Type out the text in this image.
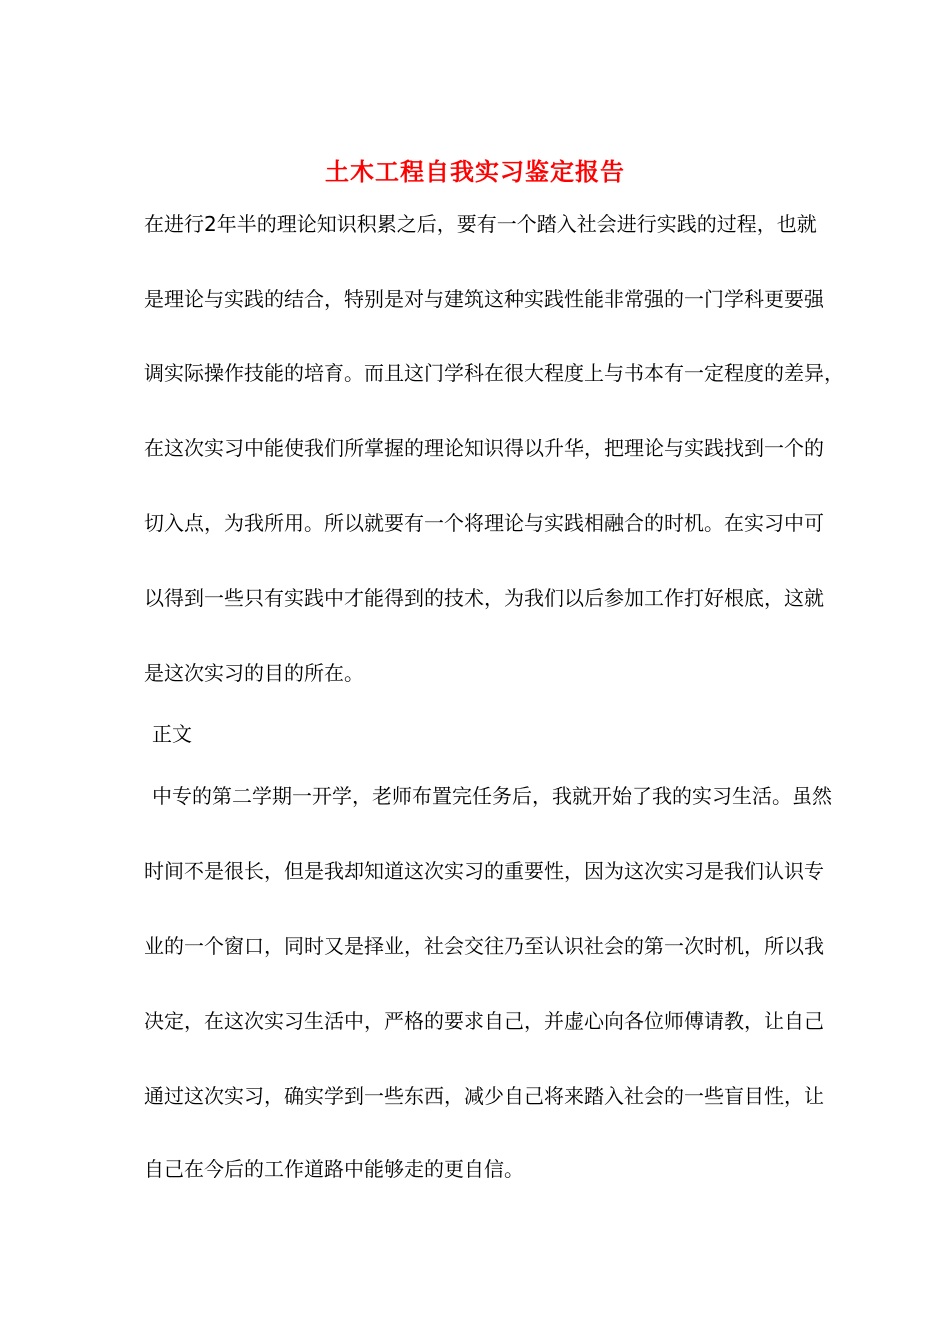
土木工程自我实习鉴定报告
在进行2年半的理论知识积累之后，要有一个踏入社会进行实践的过程，也就
是理论与实践的结合，特别是对与建筑这种实践性能非常强的一门学科更要强
调实际操作技能的培育。而且这门学科在很大程度上与书本有一定程度的差异，
在这次实习中能使我们所掌握的理论知识得以升华，把理论与实践找到一个的
切入点，为我所用。所以就要有一个将理论与实践相融合的时机。在实习中可
以得到一些只有实践中才能得到的技术，为我们以后参加工作打好根底，这就
是这次实习的目的所在。
正文
中专的第二学期一开学，老师布置完任务后，我就开始了我的实习生活。虽然
时间不是很长，但是我却知道这次实习的重要性，因为这次实习是我们认识专
业的一个窗口，同时又是择业，社会交往乃至认识社会的第一次时机，所以我
决定，在这次实习生活中，严格的要求自己，并虚心向各位师傅请教，让自己
通过这次实习，确实学到一些东西，减少自己将来踏入社会的一些盲目性，让
自己在今后的工作道路中能够走的更自信。
